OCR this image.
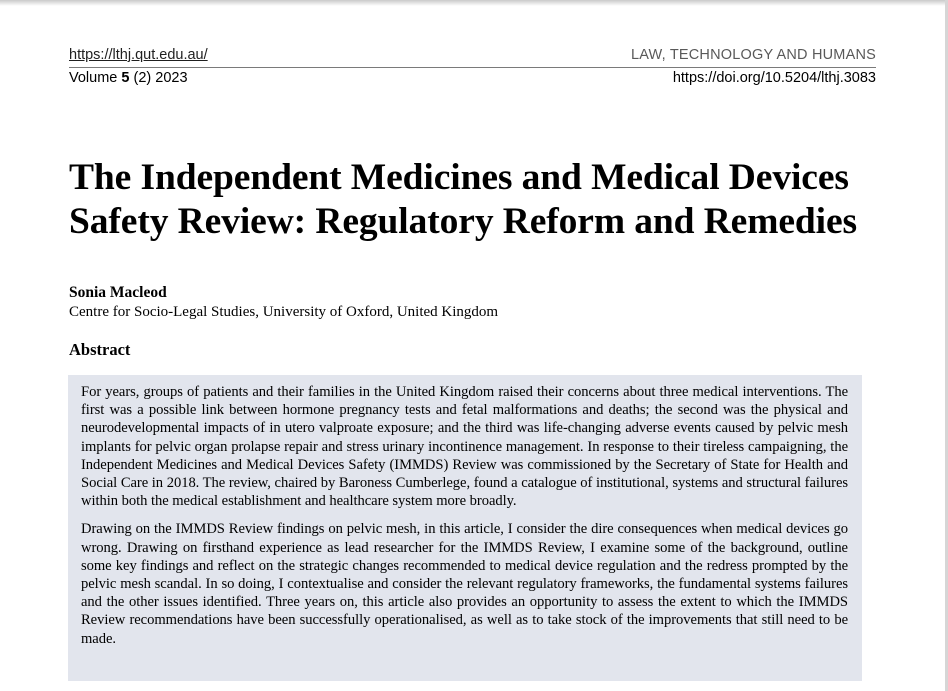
https://lthj.qut.edu.au/	LAW, TECHNOLOGY AND HUMANS
Volume 5 (2) 2023	https://doi.org/10.5204/lthj.3083
The Independent Medicines and Medical Devices Safety Review: Regulatory Reform and Remedies
Sonia Macleod
Centre for Socio-Legal Studies, University of Oxford, United Kingdom
Abstract

For years, groups of patients and their families in the United Kingdom raised their concerns about three medical interventions. The first was a possible link between hormone pregnancy tests and fetal malformations and deaths; the second was the physical and neurodevelopmental impacts of in utero valproate exposure; and the third was life-changing adverse events caused by pelvic mesh implants for pelvic organ prolapse repair and stress urinary incontinence management. In response to their tireless campaigning, the Independent Medicines and Medical Devices Safety (IMMDS) Review was commissioned by the Secretary of State for Health and Social Care in 2018. The review, chaired by Baroness Cumberlege, found a catalogue of institutional, systems and structural failures within both the medical establishment and healthcare system more broadly.

Drawing on the IMMDS Review findings on pelvic mesh, in this article, I consider the dire consequences when medical devices go wrong. Drawing on firsthand experience as lead researcher for the IMMDS Review, I examine some of the background, outline some key findings and reflect on the strategic changes recommended to medical device regulation and the redress prompted by the pelvic mesh scandal. In so doing, I contextualise and consider the relevant regulatory frameworks, the fundamental systems failures and the other issues identified. Three years on, this article also provides an opportunity to assess the extent to which the IMMDS Review recommendations have been successfully operationalised, as well as to take stock of the improvements that still need to be made.
